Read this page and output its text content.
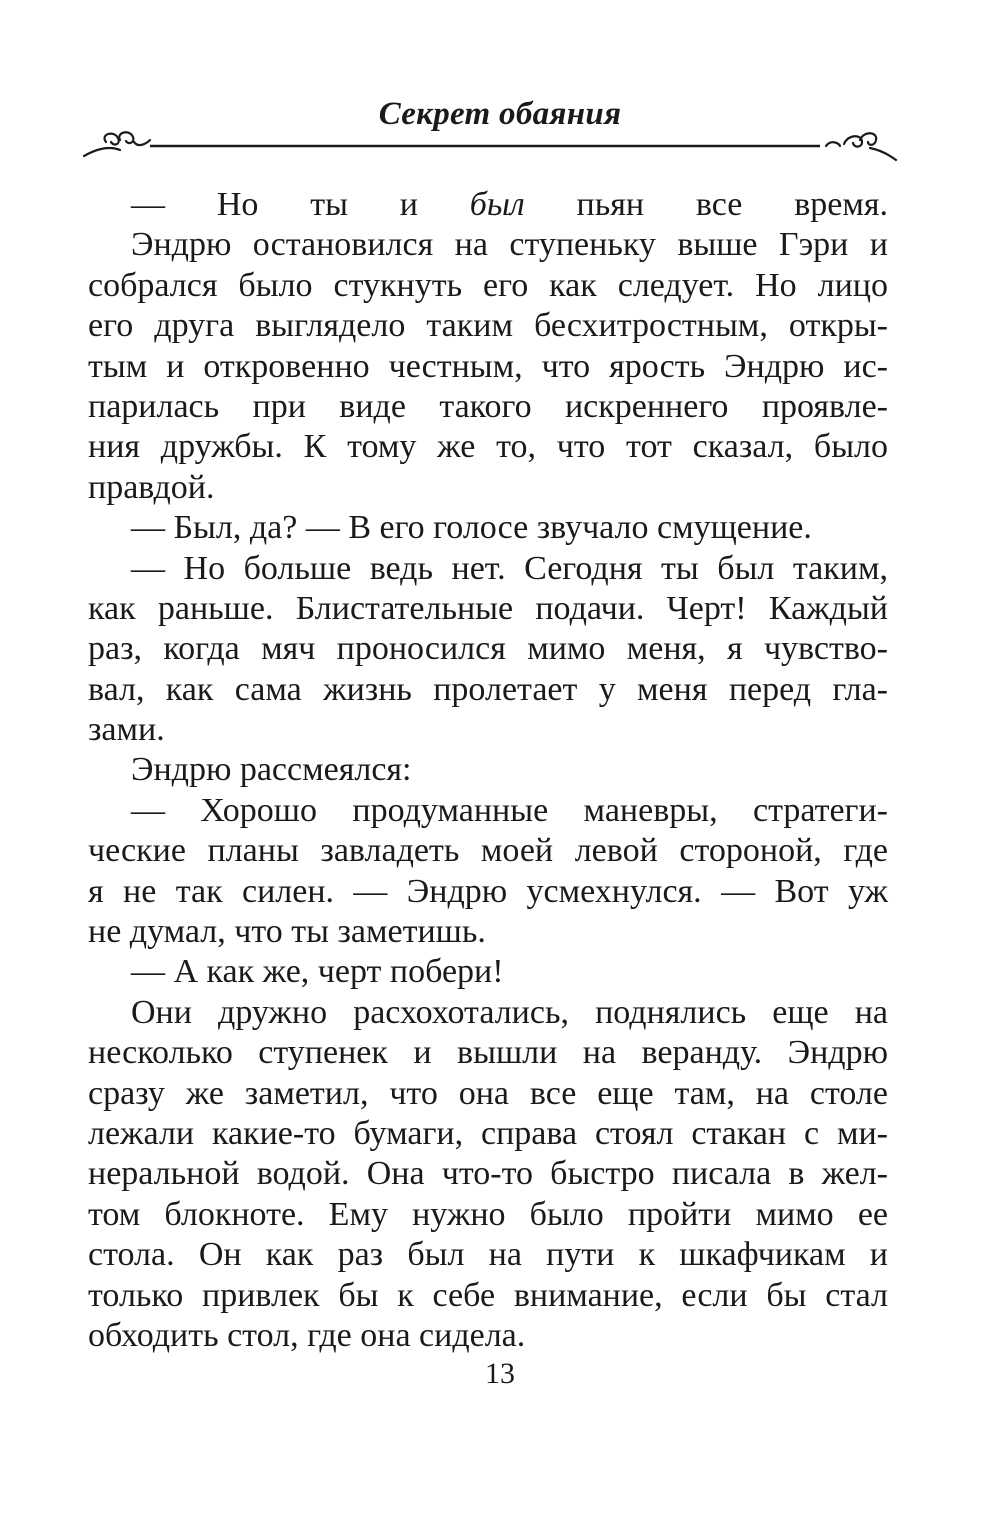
Секрет обаяния
— Но ты и был пьян все время.
Эндрю остановился на ступеньку выше Гэри и
собрался было стукнуть его как следует. Но лицо
его друга выглядело таким бесхитростным, откры-
тым и откровенно честным, что ярость Эндрю ис-
парилась при виде такого искреннего проявле-
ния дружбы. К тому же то, что тот сказал, было
правдой.
— Был, да? — В его голосе звучало смущение.
— Но больше ведь нет. Сегодня ты был таким,
как раньше. Блистательные подачи. Черт! Каждый
раз, когда мяч проносился мимо меня, я чувство-
вал, как сама жизнь пролетает у меня перед гла-
зами.
Эндрю рассмеялся:
— Хорошо продуманные маневры, стратеги-
ческие планы завладеть моей левой стороной, где
я не так силен. — Эндрю усмехнулся. — Вот уж
не думал, что ты заметишь.
— А как же, черт побери!
Они дружно расхохотались, поднялись еще на
несколько ступенек и вышли на веранду. Эндрю
сразу же заметил, что она все еще там, на столе
лежали какие-то бумаги, справа стоял стакан с ми-
неральной водой. Она что-то быстро писала в жел-
том блокноте. Ему нужно было пройти мимо ее
стола. Он как раз был на пути к шкафчикам и
только привлек бы к себе внимание, если бы стал
обходить стол, где она сидела.
13
